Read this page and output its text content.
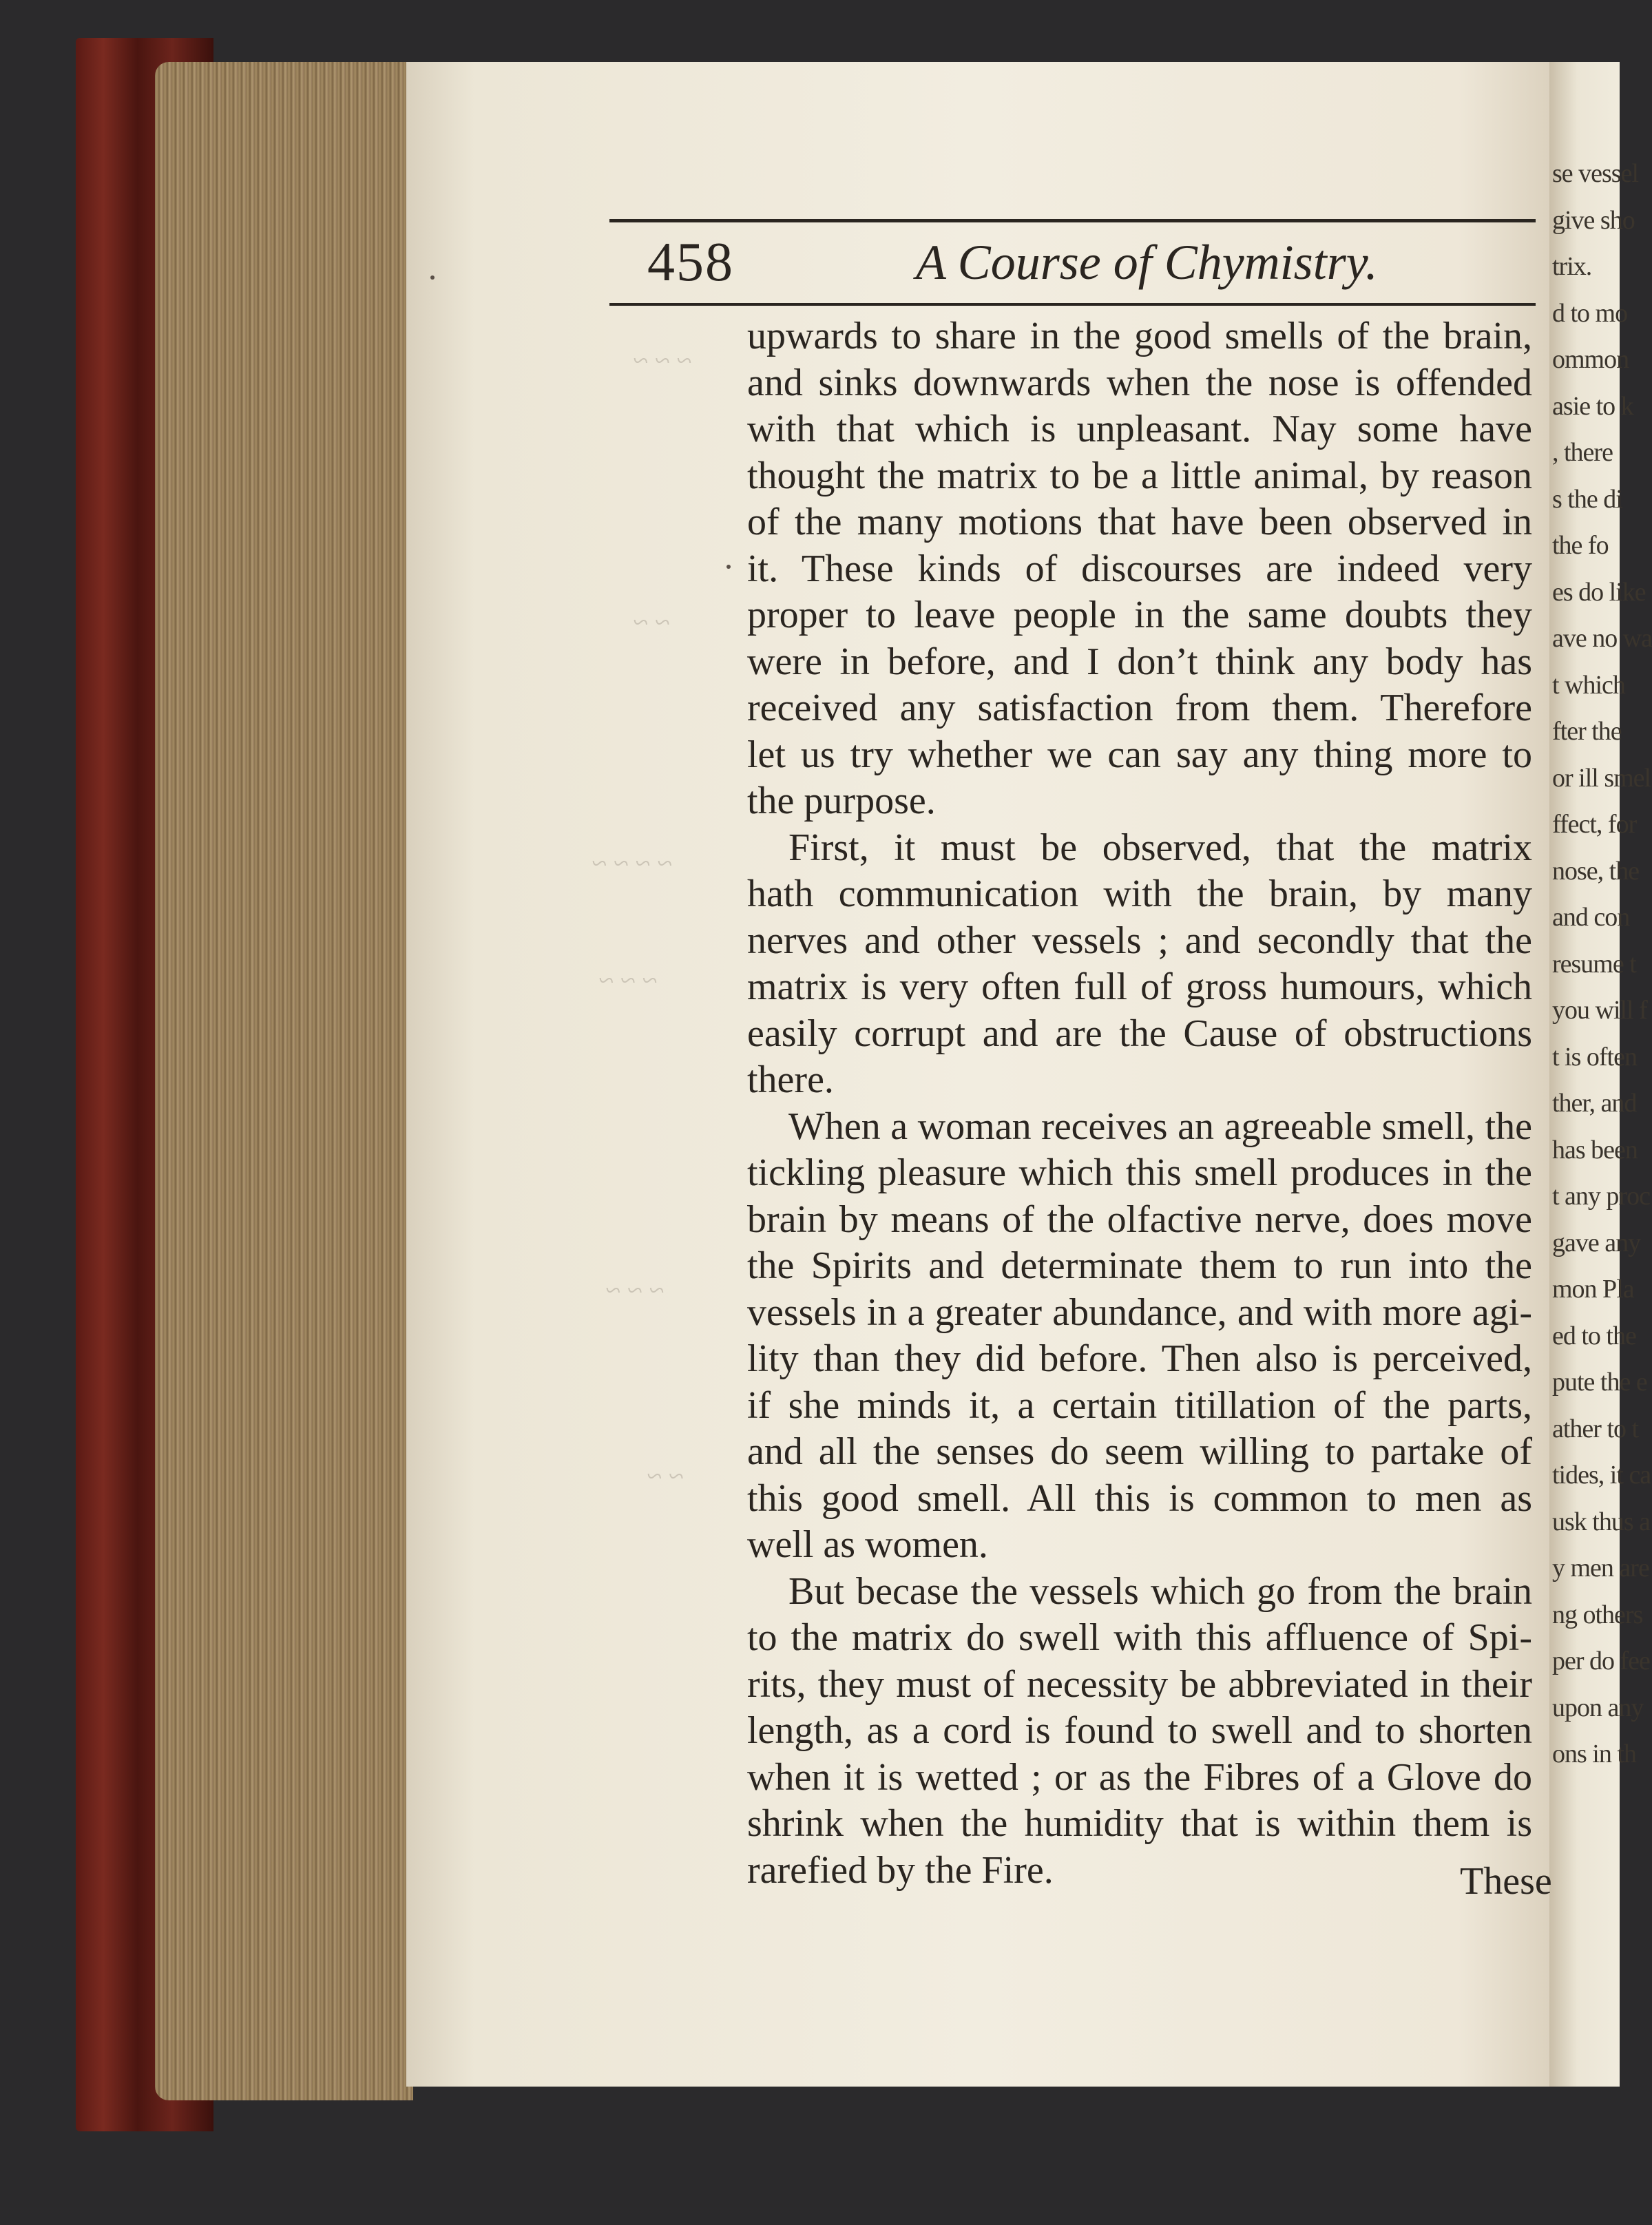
se vessel
give sho
trix.
d to mo
ommon
asie to k
, there
s the di
the fo
es do like
ave no wa
t which
fter the
or ill smel
ffect, for
nose, the
and con
resume t
you will f
t is often
ther, and
has been
t any proc
gave any
mon Pla
ed to the
pute the e
ather to t
tides, it ca
usk thus a
y men are
ng others
per do fee
upon any
ons in th
~ ~ ~
~ ~
~ ~ ~ ~
~ ~ ~
~ ~ ~
~ ~
458	A Course of Chymistry.
upwards to share in the good smells of the brain,
and sinks downwards when the nose is offended
with that which is unpleasant. Nay some have
thought the matrix to be a little animal, by reason
of the many motions that have been observed in
it. These kinds of discourses are indeed very
proper to leave people in the same doubts they
were in before, and I don’t think any body has
received any satisfaction from them. Therefore
let us try whether we can say any thing more to
the purpose.
First, it must be observed, that the matrix
hath communication with the brain, by many
nerves and other vessels ; and secondly that the
matrix is very often full of gross humours, which
easily corrupt and are the Cause of obstructions
there.
When a woman receives an agreeable smell, the
tickling pleasure which this smell produces in the
brain by means of the olfactive nerve, does move
the Spirits and determinate them to run into the
vessels in a greater abundance, and with more agi-
lity than they did before. Then also is perceived,
if she minds it, a certain titillation of the parts,
and all the senses do seem willing to partake of
this good smell. All this is common to men as
well as women.
But becase the vessels which go from the brain
to the matrix do swell with this affluence of Spi-
rits, they must of necessity be abbreviated in their
length, as a cord is found to swell and to shorten
when it is wetted ; or as the Fibres of a Glove do
shrink when the humidity that is within them is
rarefied by the Fire.	These
